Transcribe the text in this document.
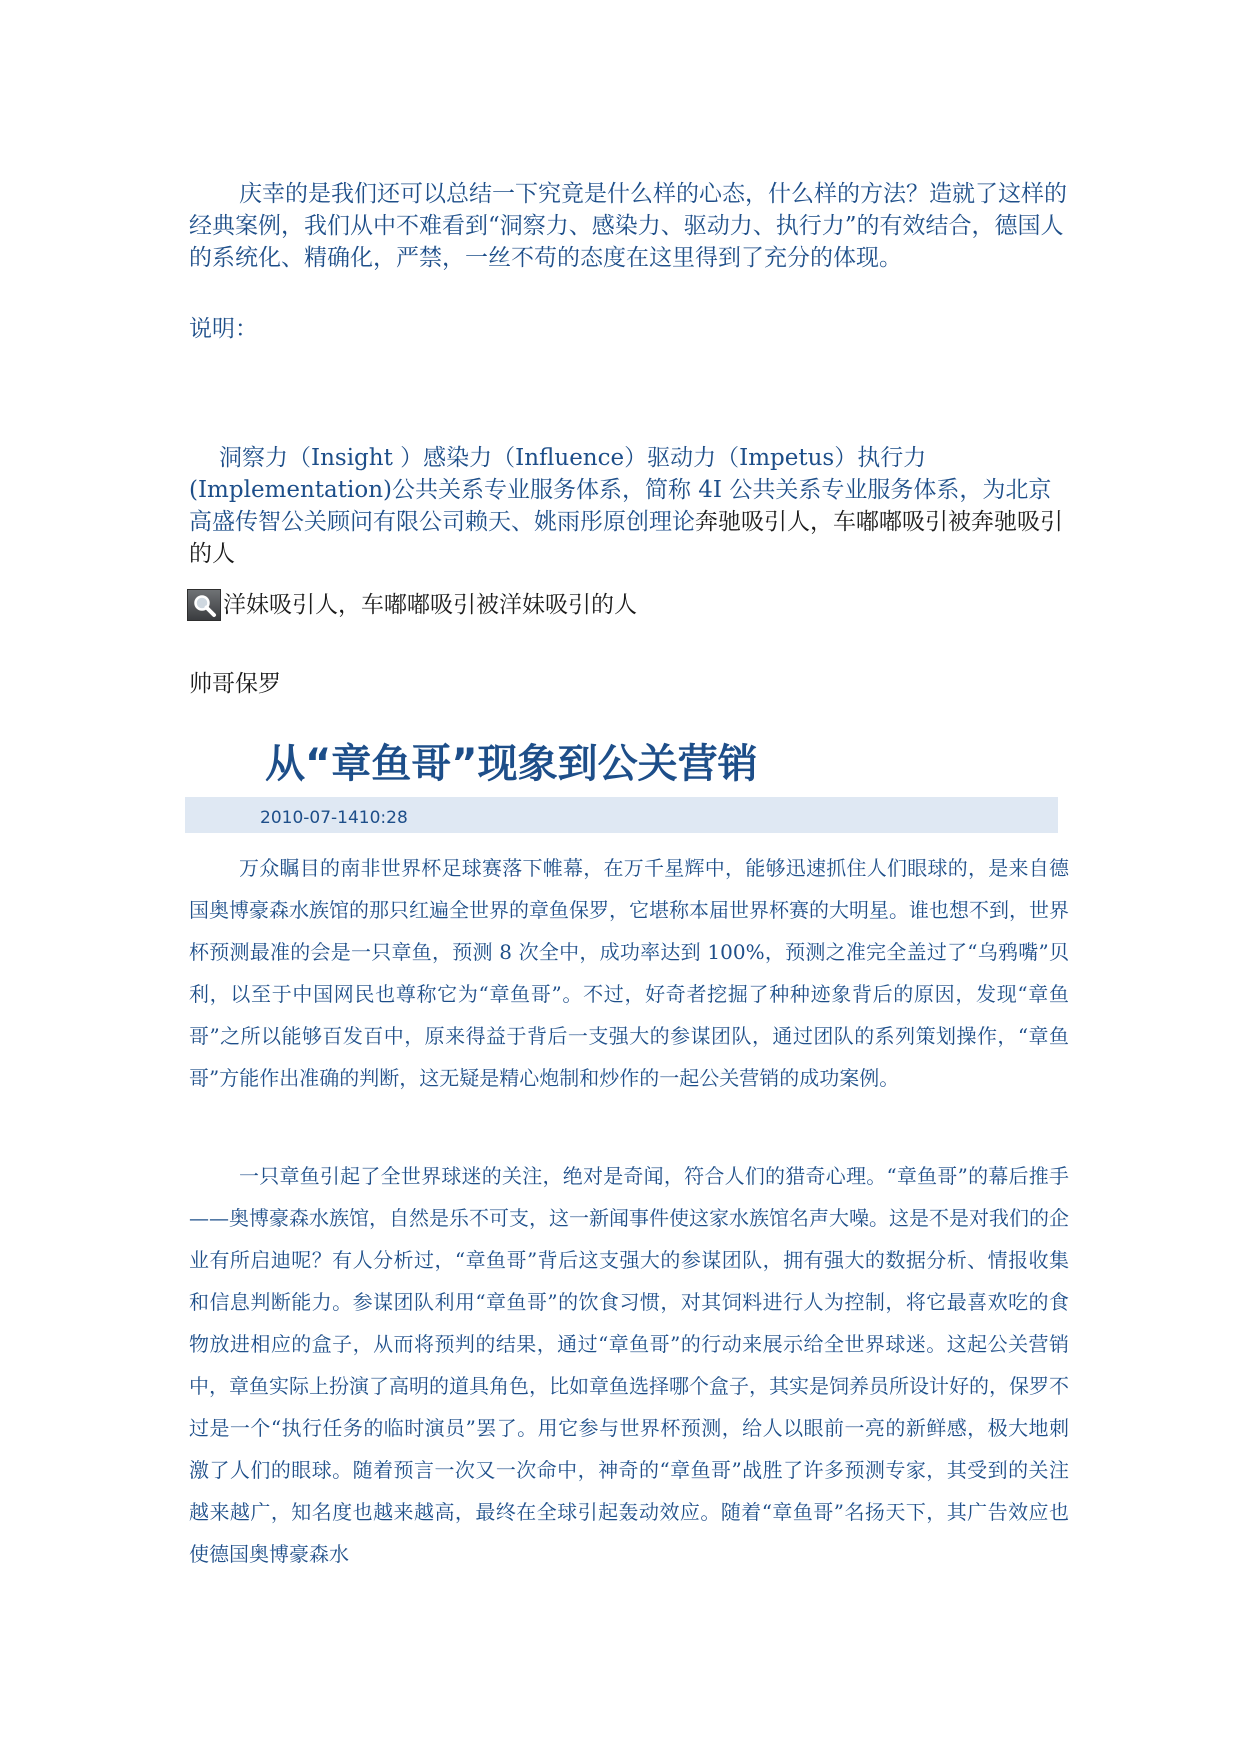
庆幸的是我们还可以总结一下究竟是什么样的心态，什么样的方法？造就了这样的经典案例，我们从中不难看到“洞察力、感染力、驱动力、执行力”的有效结合，德国人的系统化、精确化，严禁，一丝不苟的态度在这里得到了充分的体现。
说明：
洞察力（Insight ）感染力（Influence）驱动力（Impetus）执行力(Implementation)公共关系专业服务体系，简称 4I 公共关系专业服务体系，为北京高盛传智公关顾问有限公司赖天、姚雨彤原创理论奔驰吸引人，车嘟嘟吸引被奔驰吸引的人
洋妹吸引人，车嘟嘟吸引被洋妹吸引的人
帅哥保罗
从“章鱼哥”现象到公关营销
2010-07-1410:28
万众瞩目的南非世界杯足球赛落下帷幕，在万千星辉中，能够迅速抓住人们眼球的，是来自德国奥博豪森水族馆的那只红遍全世界的章鱼保罗，它堪称本届世界杯赛的大明星。谁也想不到，世界杯预测最准的会是一只章鱼，预测 8 次全中，成功率达到 100%，预测之准完全盖过了“乌鸦嘴”贝利，以至于中国网民也尊称它为“章鱼哥”。不过，好奇者挖掘了种种迹象背后的原因，发现“章鱼哥”之所以能够百发百中，原来得益于背后一支强大的参谋团队，通过团队的系列策划操作，“章鱼哥”方能作出准确的判断，这无疑是精心炮制和炒作的一起公关营销的成功案例。
一只章鱼引起了全世界球迷的关注，绝对是奇闻，符合人们的猎奇心理。“章鱼哥”的幕后推手——奥博豪森水族馆，自然是乐不可支，这一新闻事件使这家水族馆名声大噪。这是不是对我们的企业有所启迪呢？有人分析过，“章鱼哥”背后这支强大的参谋团队，拥有强大的数据分析、情报收集和信息判断能力。参谋团队利用“章鱼哥”的饮食习惯，对其饲料进行人为控制，将它最喜欢吃的食物放进相应的盒子，从而将预判的结果，通过“章鱼哥”的行动来展示给全世界球迷。这起公关营销中，章鱼实际上扮演了高明的道具角色，比如章鱼选择哪个盒子，其实是饲养员所设计好的，保罗不过是一个“执行任务的临时演员”罢了。用它参与世界杯预测，给人以眼前一亮的新鲜感，极大地刺激了人们的眼球。随着预言一次又一次命中，神奇的“章鱼哥”战胜了许多预测专家，其受到的关注越来越广，知名度也越来越高，最终在全球引起轰动效应。随着“章鱼哥”名扬天下，其广告效应也使德国奥博豪森水
